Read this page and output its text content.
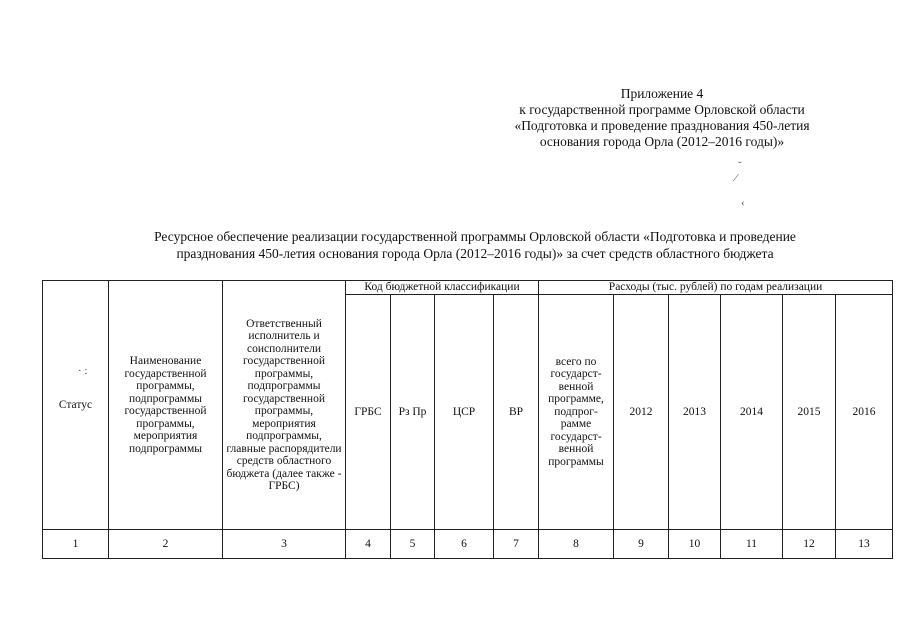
Приложение 4
к государственной программе Орловской области
«Подготовка и проведение празднования 450-летия
основания города Орла (2012–2016 годы)»
˘
⁄
‹
Ресурсное обеспечение реализации государственной программы Орловской области «Подготовка и проведение
празднования 450-летия основания города Орла (2012–2016 годы)» за счет средств областного бюджета
· :
Статус	Наименование государственной программы, подпрограммы государственной программы, мероприятия подпрограммы	Ответственный исполнитель и соисполнители государственной программы, подпрограммы государственной программы, мероприятия подпрограммы, главные распорядители средств областного бюджета (далее также - ГРБС)	Код бюджетной классификации				Расходы (тыс. рублей) по годам реализации					
			ГРБС	Рз Пр	ЦСР	ВР	всего по государст-венной программе, подпрог-рамме государст-венной программы	2012	2013	2014	2015	2016
1	2	3	4	5	6	7	8	9	10	11	12	13
